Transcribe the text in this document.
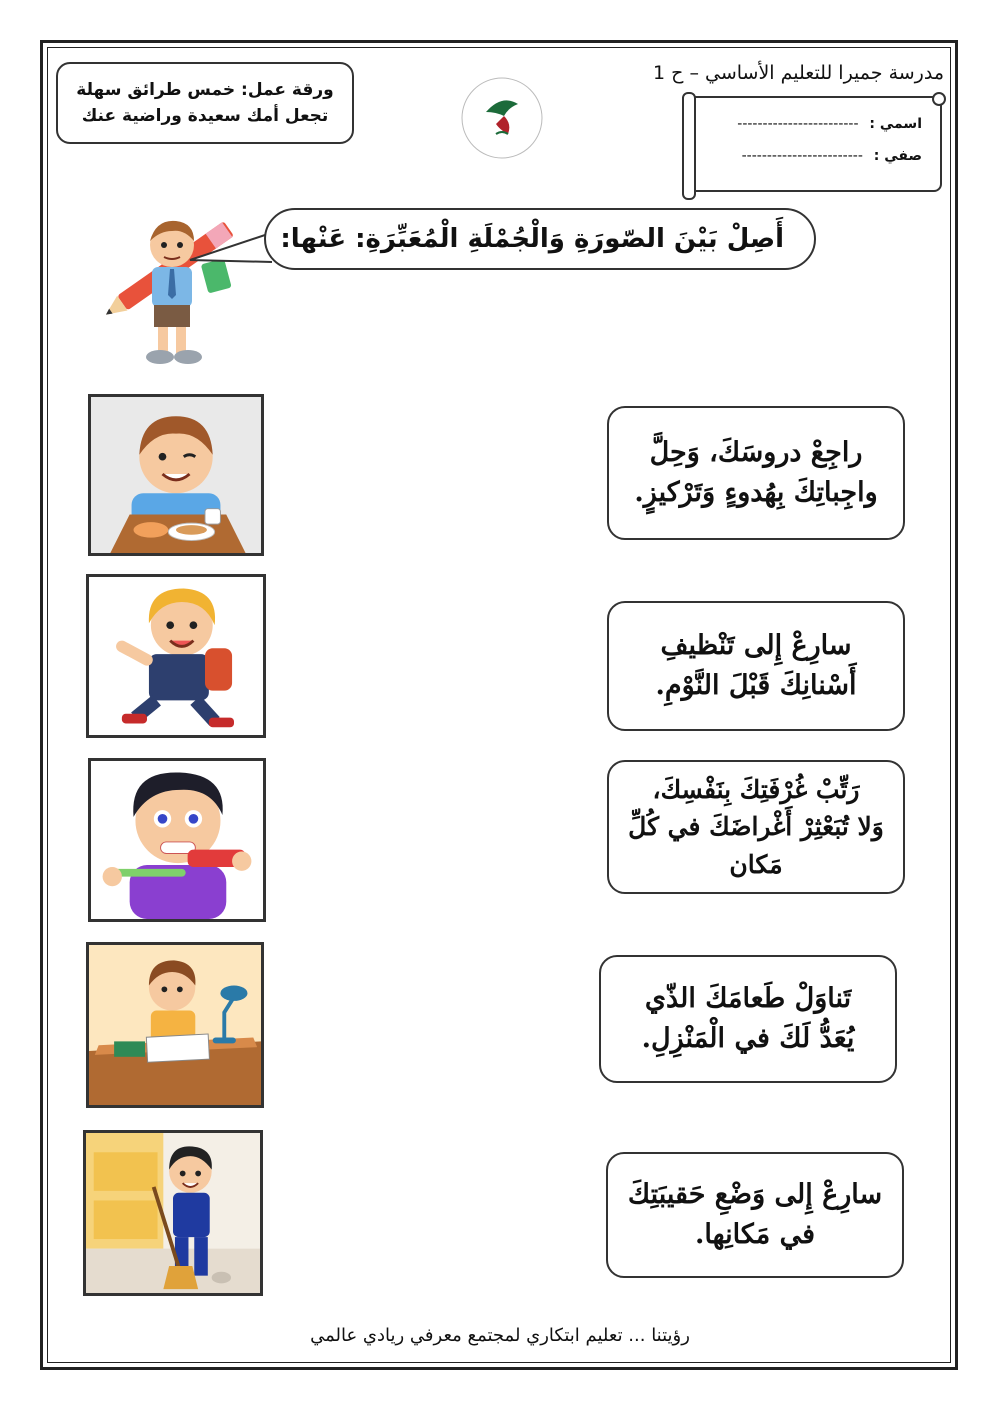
مدرسة جميرا للتعليم الأساسي – ح 1
اسمي : ------------------------
صفي : ------------------------
ورقة عمل: خمس طرائق سهلة
تجعل أمك سعيدة وراضية عنك
أَصِلْ بَيْنَ الصّورَةِ وَالْجُمْلَةِ الْمُعَبِّرَةِ: عَنْها:
راجِعْ دروسَكَ، وَحِلَّ
واجِباتِكَ بِهُدوءٍ وَتَرْكيزٍ.
سارِعْ إِلى تَنْظيفِ
أَسْنانِكَ قَبْلَ النَّوْمِ.
رَتِّبْ غُرْفَتِكَ بِنَفْسِكَ،
وَلا تُبَعْثِرْ أَغْراضَكَ في كُلِّ
مَكان
تَناوَلْ طَعامَكَ الذّي
يُعَدُّ لَكَ في الْمَنْزِلِ.
سارِعْ إِلى وَضْعِ حَقيبَتِكَ
في مَكانِها.
رؤيتنا ... تعليم ابتكاري لمجتمع معرفي ريادي عالمي
